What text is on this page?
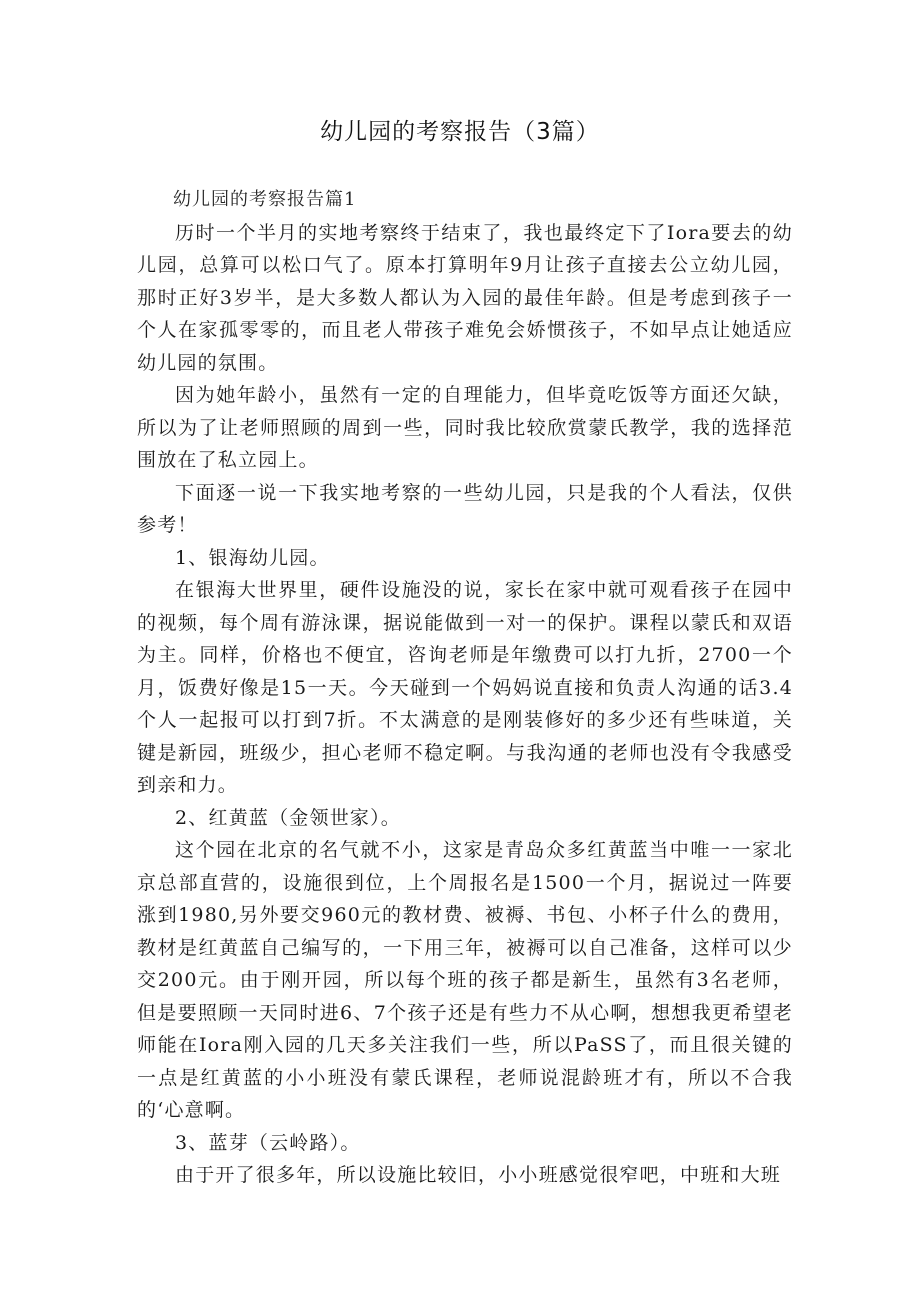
幼儿园的考察报告（3篇）

幼儿园的考察报告篇1

历时一个半月的实地考察终于结束了，我也最终定下了Iora要去的幼儿园，总算可以松口气了。原本打算明年9月让孩子直接去公立幼儿园，那时正好3岁半，是大多数人都认为入园的最佳年龄。但是考虑到孩子一个人在家孤零零的，而且老人带孩子难免会娇惯孩子，不如早点让她适应幼儿园的氛围。

因为她年龄小，虽然有一定的自理能力，但毕竟吃饭等方面还欠缺，所以为了让老师照顾的周到一些，同时我比较欣赏蒙氏教学，我的选择范围放在了私立园上。

下面逐一说一下我实地考察的一些幼儿园，只是我的个人看法，仅供参考！

1、银海幼儿园。

在银海大世界里，硬件设施没的说，家长在家中就可观看孩子在园中的视频，每个周有游泳课，据说能做到一对一的保护。课程以蒙氏和双语为主。同样，价格也不便宜，咨询老师是年缴费可以打九折，2700一个月，饭费好像是15一天。今天碰到一个妈妈说直接和负责人沟通的话3.4个人一起报可以打到7折。不太满意的是刚装修好的多少还有些味道，关键是新园，班级少，担心老师不稳定啊。与我沟通的老师也没有令我感受到亲和力。

2、红黄蓝（金领世家）。

这个园在北京的名气就不小，这家是青岛众多红黄蓝当中唯一一家北京总部直营的，设施很到位，上个周报名是1500一个月，据说过一阵要涨到1980,另外要交960元的教材费、被褥、书包、小杯子什么的费用，教材是红黄蓝自己编写的，一下用三年，被褥可以自己准备，这样可以少交200元。由于刚开园，所以每个班的孩子都是新生，虽然有3名老师，但是要照顾一天同时进6、7个孩子还是有些力不从心啊，想想我更希望老师能在Iora刚入园的几天多关注我们一些，所以PaSS了，而且很关键的一点是红黄蓝的小小班没有蒙氏课程，老师说混龄班才有，所以不合我的‘心意啊。

3、蓝芽（云岭路）。

由于开了很多年，所以设施比较旧，小小班感觉很窄吧，中班和大班
